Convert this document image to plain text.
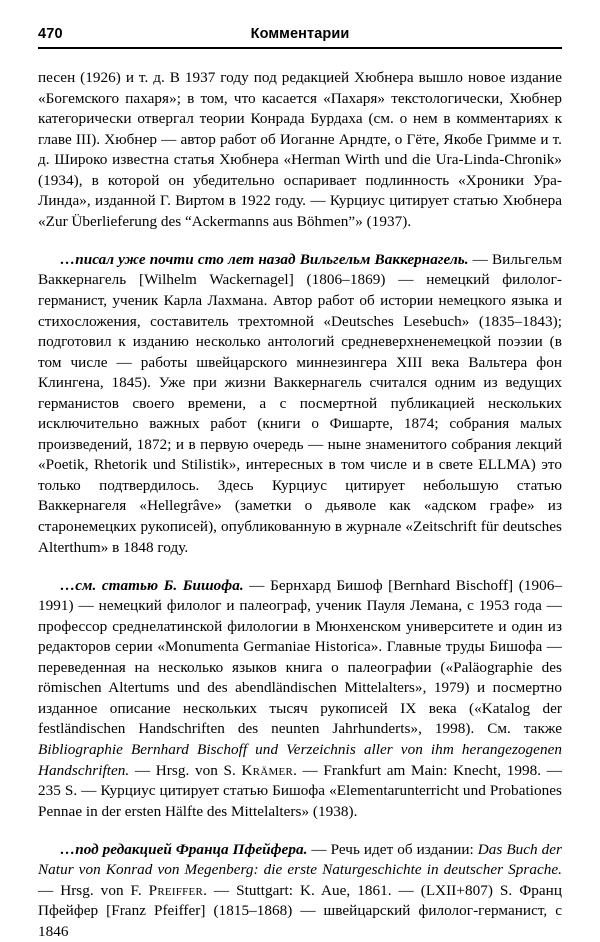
470	Комментарии

песен (1926) и т. д. В 1937 году под редакцией Хюбнера вышло новое издание «Богемского пахаря»; в том, что касается «Пахаря» текстологически, Хюбнер категорически отвергал теории Конрада Бурдаха (см. о нем в комментариях к главе III). Хюбнер — автор работ об Иоганне Арндте, о Гёте, Якобе Гримме и т. д. Широко известна статья Хюбнера «Herman Wirth und die Ura-Linda-Chronik» (1934), в которой он убедительно оспаривает подлинность «Хроники Ура-Линда», изданной Г. Виртом в 1922 году. — Курциус цитирует статью Хюбнера «Zur Überlieferung des “Ackermanns aus Böhmen”» (1937).

…писал уже почти сто лет назад Вильгельм Ваккернагель. — Вильгельм Ваккернагель [Wilhelm Wackernagel] (1806–1869) — немецкий филолог-германист, ученик Карла Лахмана. Автор работ об истории немецкого языка и стихосложения, составитель трехтомной «Deutsches Lesebuch» (1835–1843); подготовил к изданию несколько антологий средневерхненемецкой поэзии (в том числе — работы швейцарского миннезингера XIII века Вальтера фон Клингена, 1845). Уже при жизни Ваккернагель считался одним из ведущих германистов своего времени, а с посмертной публикацией нескольких исключительно важных работ (книги о Фишарте, 1874; собрания малых произведений, 1872; и в первую очередь — ныне знаменитого собрания лекций «Poetik, Rhetorik und Stilistik», интересных в том числе и в свете ELLMA) это только подтвердилось. Здесь Курциус цитирует небольшую статью Ваккернагеля «Hellegrâve» (заметки о дьяволе как «адском графе» из старонемецких рукописей), опубликованную в журнале «Zeitschrift für deutsches Alterthum» в 1848 году.

…см. статью Б. Бишофа. — Бернхард Бишоф [Bernhard Bischoff] (1906–1991) — немецкий филолог и палеограф, ученик Пауля Лемана, с 1953 года — профессор среднелатинской филологии в Мюнхенском университете и один из редакторов серии «Monumenta Germaniae Historica». Главные труды Бишофа — переведенная на несколько языков книга о палеографии («Paläographie des römischen Altertums und des abendländischen Mittelalters», 1979) и посмертно изданное описание нескольких тысяч рукописей IX века («Katalog der festländischen Handschriften des neunten Jahrhunderts», 1998). См. также Bibliographie Bernhard Bischoff und Verzeichnis aller von ihm herangezogenen Handschriften. — Hrsg. von S. Krämer. — Frankfurt am Main: Knecht, 1998. — 235 S. — Курциус цитирует статью Бишофа «Elementarunterricht und Probationes Pennae in der ersten Hälfte des Mittelalters» (1938).

…под редакцией Франца Пфейфера. — Речь идет об издании: Das Buch der Natur von Konrad von Megenberg: die erste Naturgeschichte in deutscher Sprache. — Hrsg. von F. Preiffer. — Stuttgart: K. Aue, 1861. — (LXII+807) S. Франц Пфейфер [Franz Pfeiffer] (1815–1868) — швейцарский филолог-германист, с 1846
